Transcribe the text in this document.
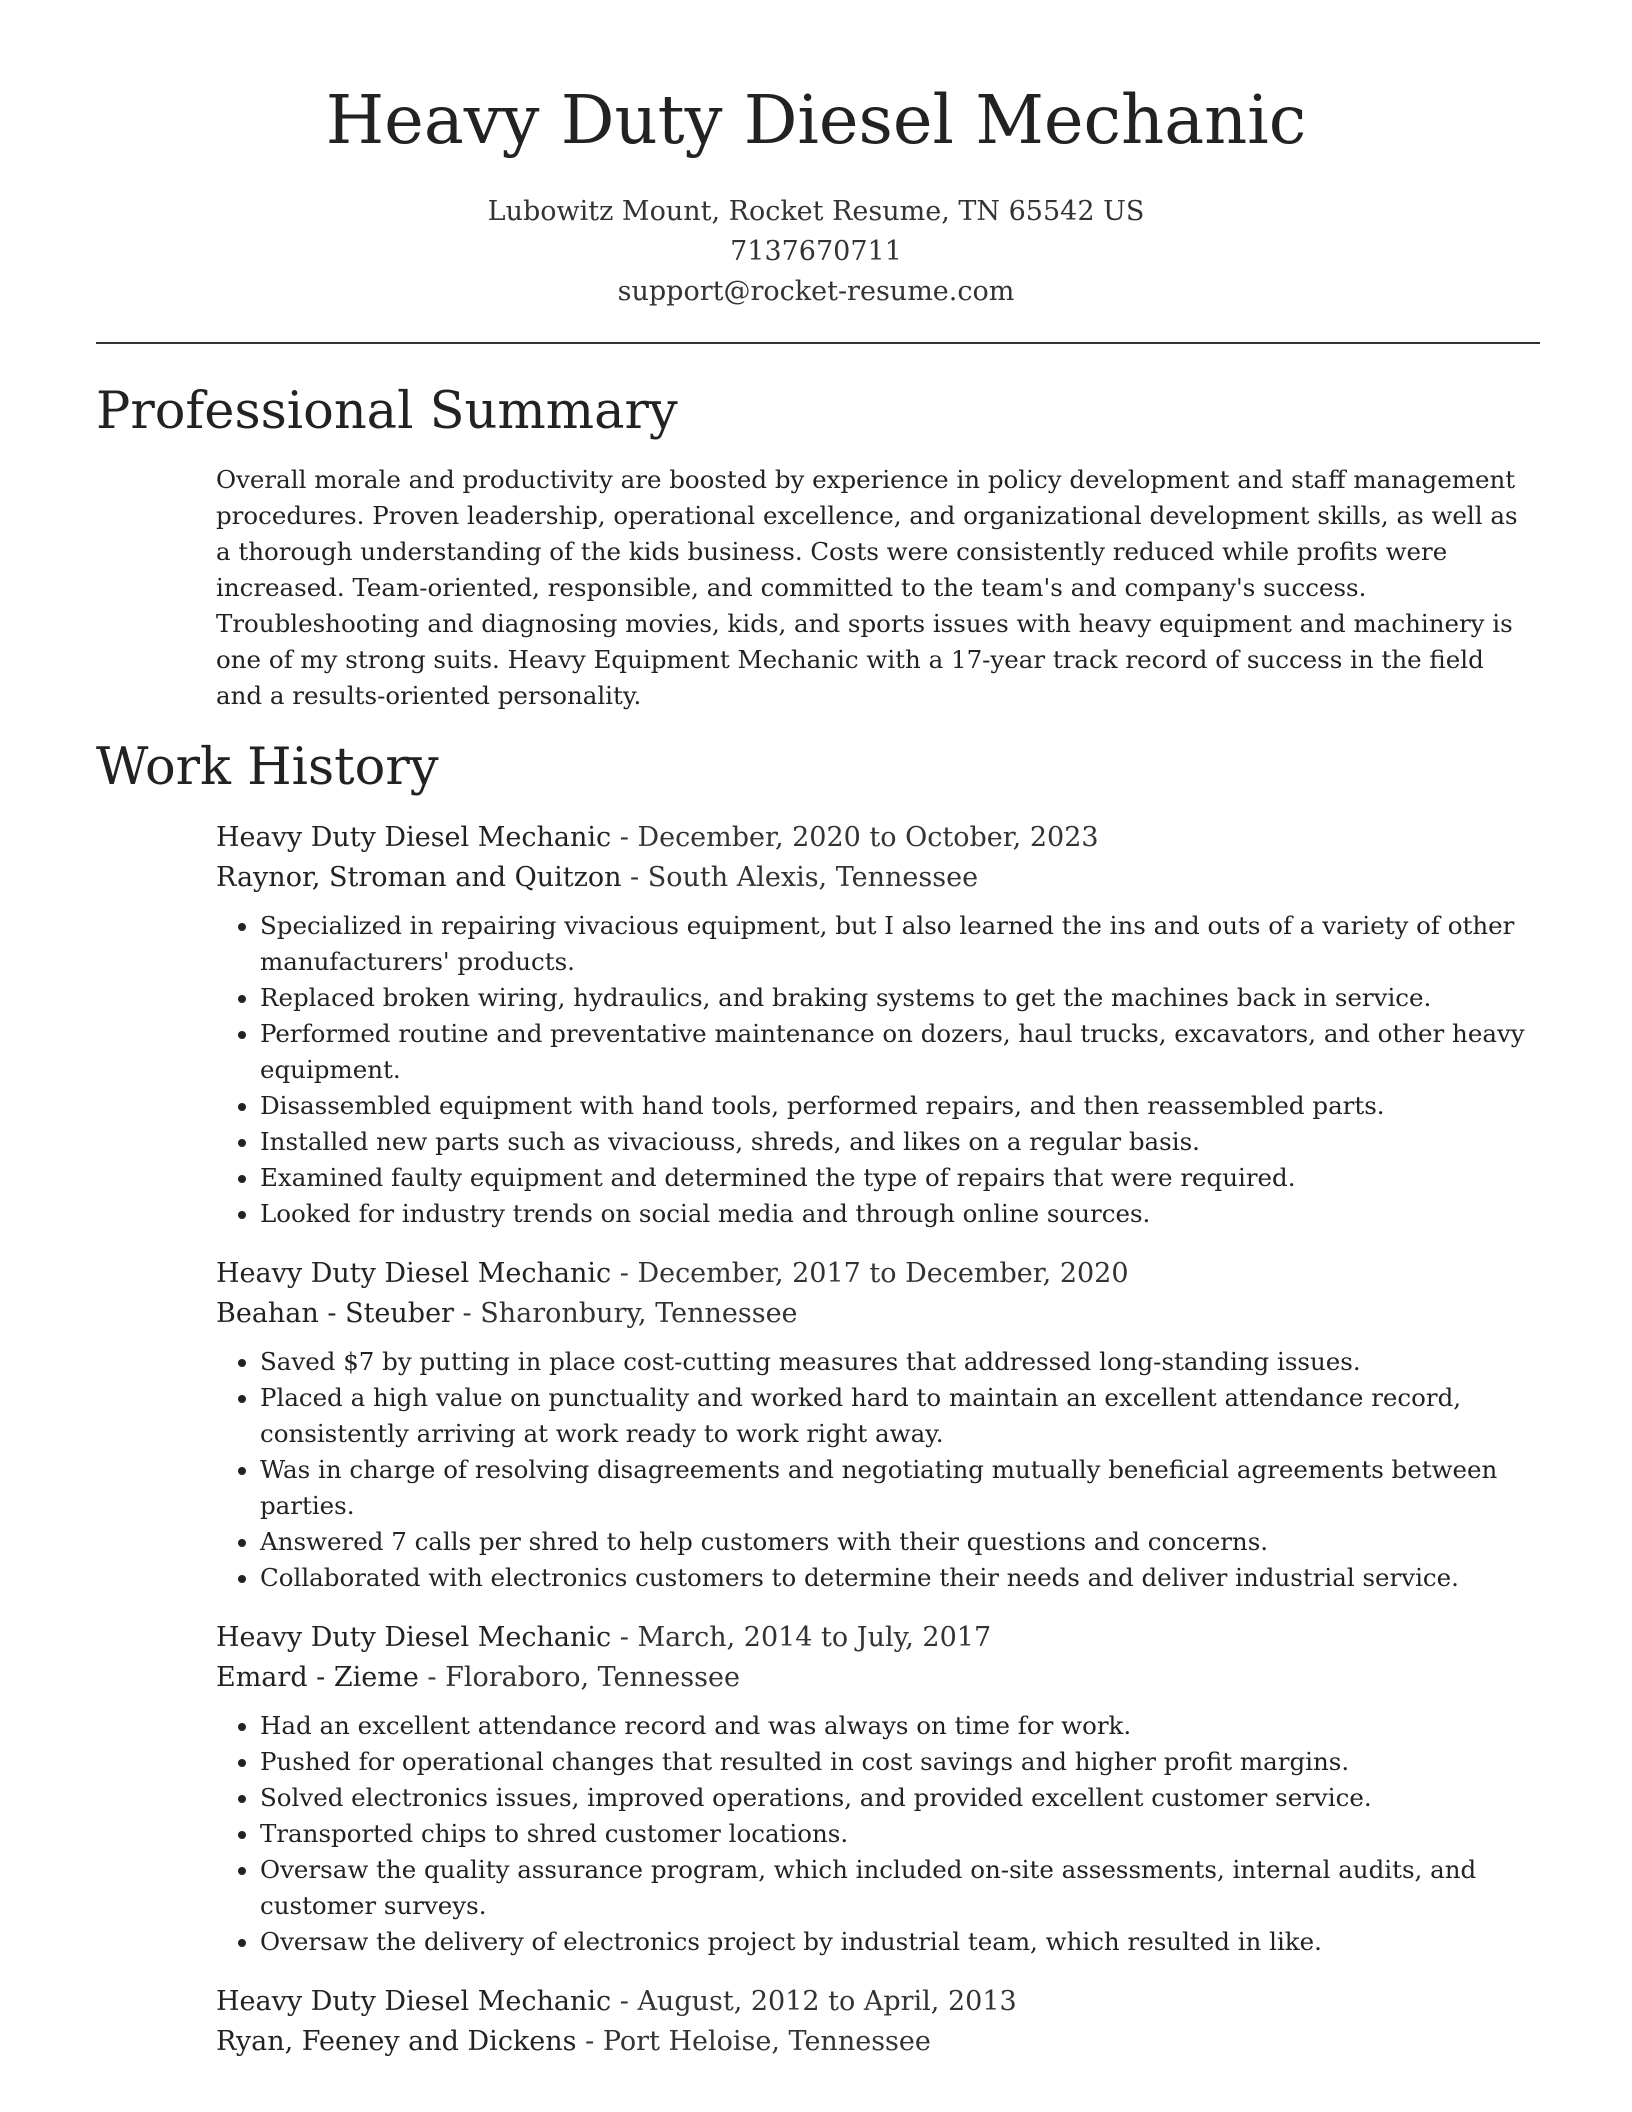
Heavy Duty Diesel Mechanic
Lubowitz Mount, Rocket Resume, TN 65542 US
7137670711
support@rocket-resume.com
Professional Summary

Overall morale and productivity are boosted by experience in policy development and staff management procedures. Proven leadership, operational excellence, and organizational development skills, as well as a thorough understanding of the kids business. Costs were consistently reduced while profits were increased. Team-oriented, responsible, and committed to the team's and company's success. Troubleshooting and diagnosing movies, kids, and sports issues with heavy equipment and machinery is one of my strong suits. Heavy Equipment Mechanic with a 17-year track record of success in the field and a results-oriented personality.

Work History

Heavy Duty Diesel Mechanic - December, 2020 to October, 2023

Raynor, Stroman and Quitzon - South Alexis, Tennessee

• Specialized in repairing vivacious equipment, but I also learned the ins and outs of a variety of other manufacturers' products.
• Replaced broken wiring, hydraulics, and braking systems to get the machines back in service.
• Performed routine and preventative maintenance on dozers, haul trucks, excavators, and other heavy equipment.
• Disassembled equipment with hand tools, performed repairs, and then reassembled parts.
• Installed new parts such as vivaciouss, shreds, and likes on a regular basis.
• Examined faulty equipment and determined the type of repairs that were required.
• Looked for industry trends on social media and through online sources.

Heavy Duty Diesel Mechanic - December, 2017 to December, 2020

Beahan - Steuber - Sharonbury, Tennessee

• Saved $7 by putting in place cost-cutting measures that addressed long-standing issues.
• Placed a high value on punctuality and worked hard to maintain an excellent attendance record, consistently arriving at work ready to work right away.
• Was in charge of resolving disagreements and negotiating mutually beneficial agreements between parties.
• Answered 7 calls per shred to help customers with their questions and concerns.
• Collaborated with electronics customers to determine their needs and deliver industrial service.

Heavy Duty Diesel Mechanic - March, 2014 to July, 2017

Emard - Zieme - Floraboro, Tennessee

• Had an excellent attendance record and was always on time for work.
• Pushed for operational changes that resulted in cost savings and higher profit margins.
• Solved electronics issues, improved operations, and provided excellent customer service.
• Transported chips to shred customer locations.
• Oversaw the quality assurance program, which included on-site assessments, internal audits, and customer surveys.
• Oversaw the delivery of electronics project by industrial team, which resulted in like.

Heavy Duty Diesel Mechanic - August, 2012 to April, 2013

Ryan, Feeney and Dickens - Port Heloise, Tennessee
